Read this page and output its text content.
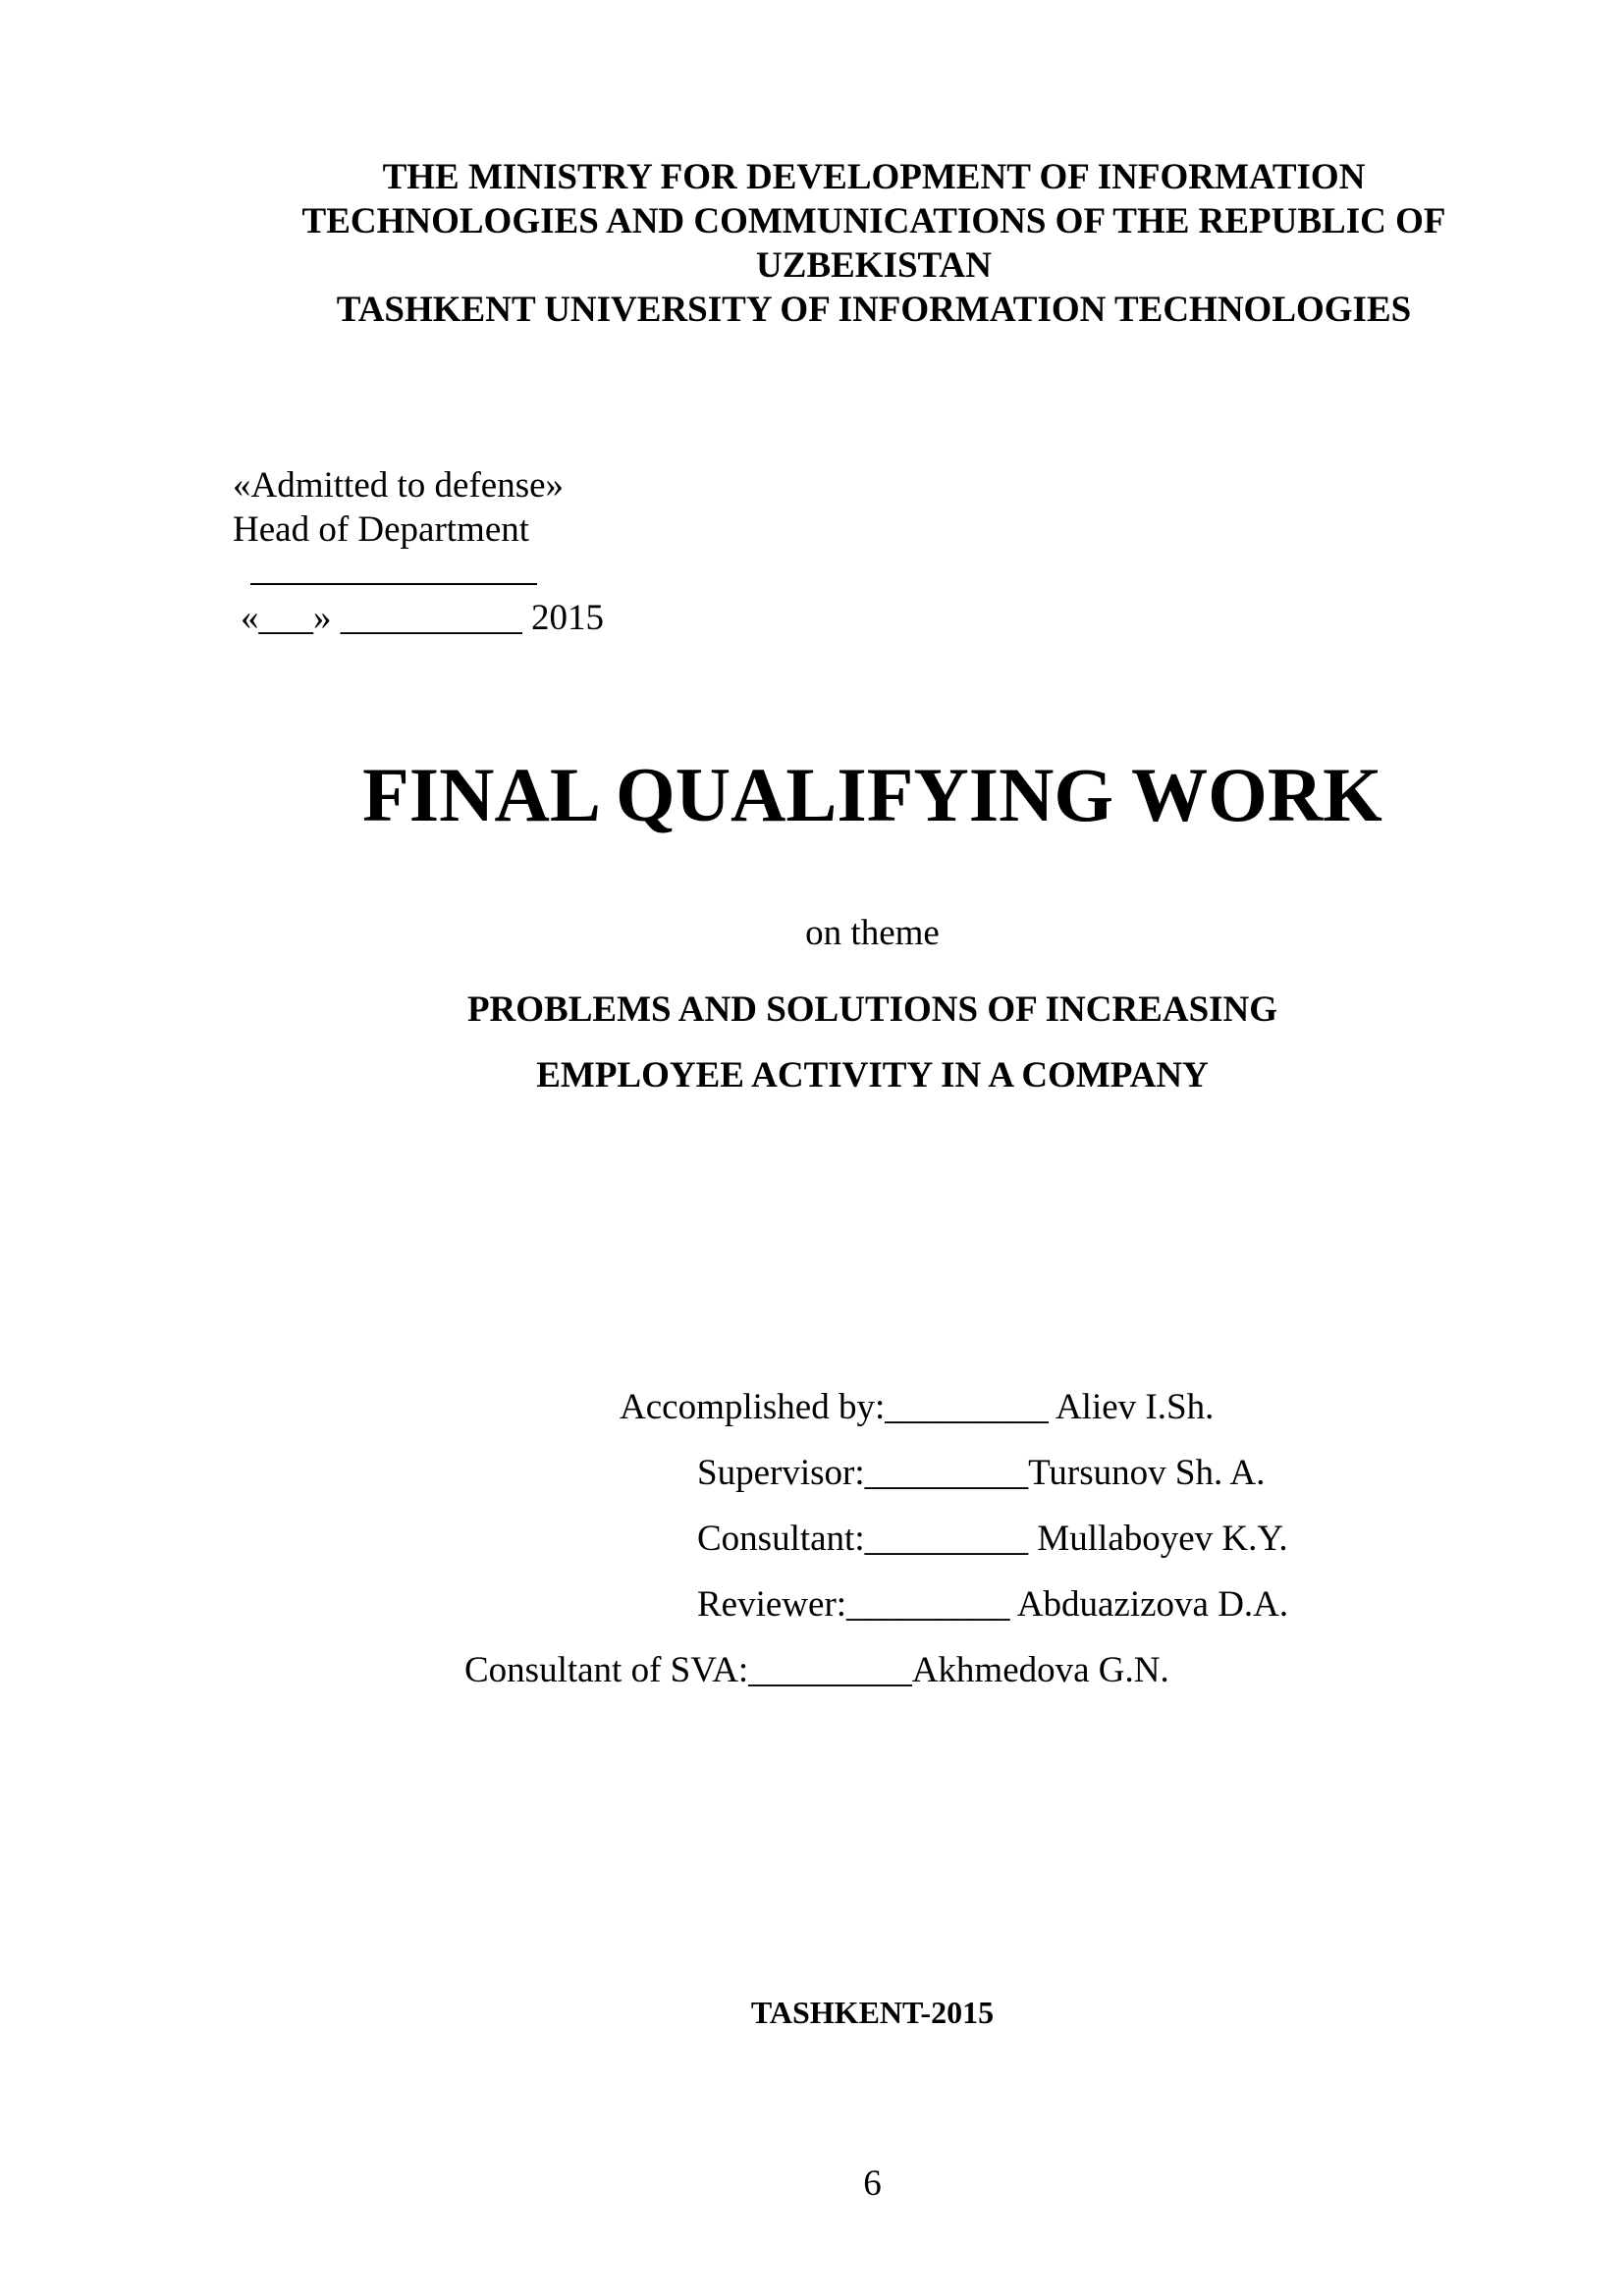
THE MINISTRY FOR DEVELOPMENT OF INFORMATION
TECHNOLOGIES AND COMMUNICATIONS OF THE REPUBLIC OF
UZBEKISTAN
TASHKENT UNIVERSITY OF INFORMATION TECHNOLOGIES
«Admitted to defense»
Head of Department
«___» __________ 2015
FINAL QUALIFYING WORK
on theme
PROBLEMS AND SOLUTIONS OF INCREASING
EMPLOYEE ACTIVITY IN A COMPANY
Accomplished by:_________ Aliev I.Sh.
Supervisor:_________Tursunov Sh. A.
Consultant:_________ Mullaboyev K.Y.
Reviewer:_________ Abduazizova D.A.
Consultant of SVA:_________Akhmedova G.N.
TASHKENT-2015
6
